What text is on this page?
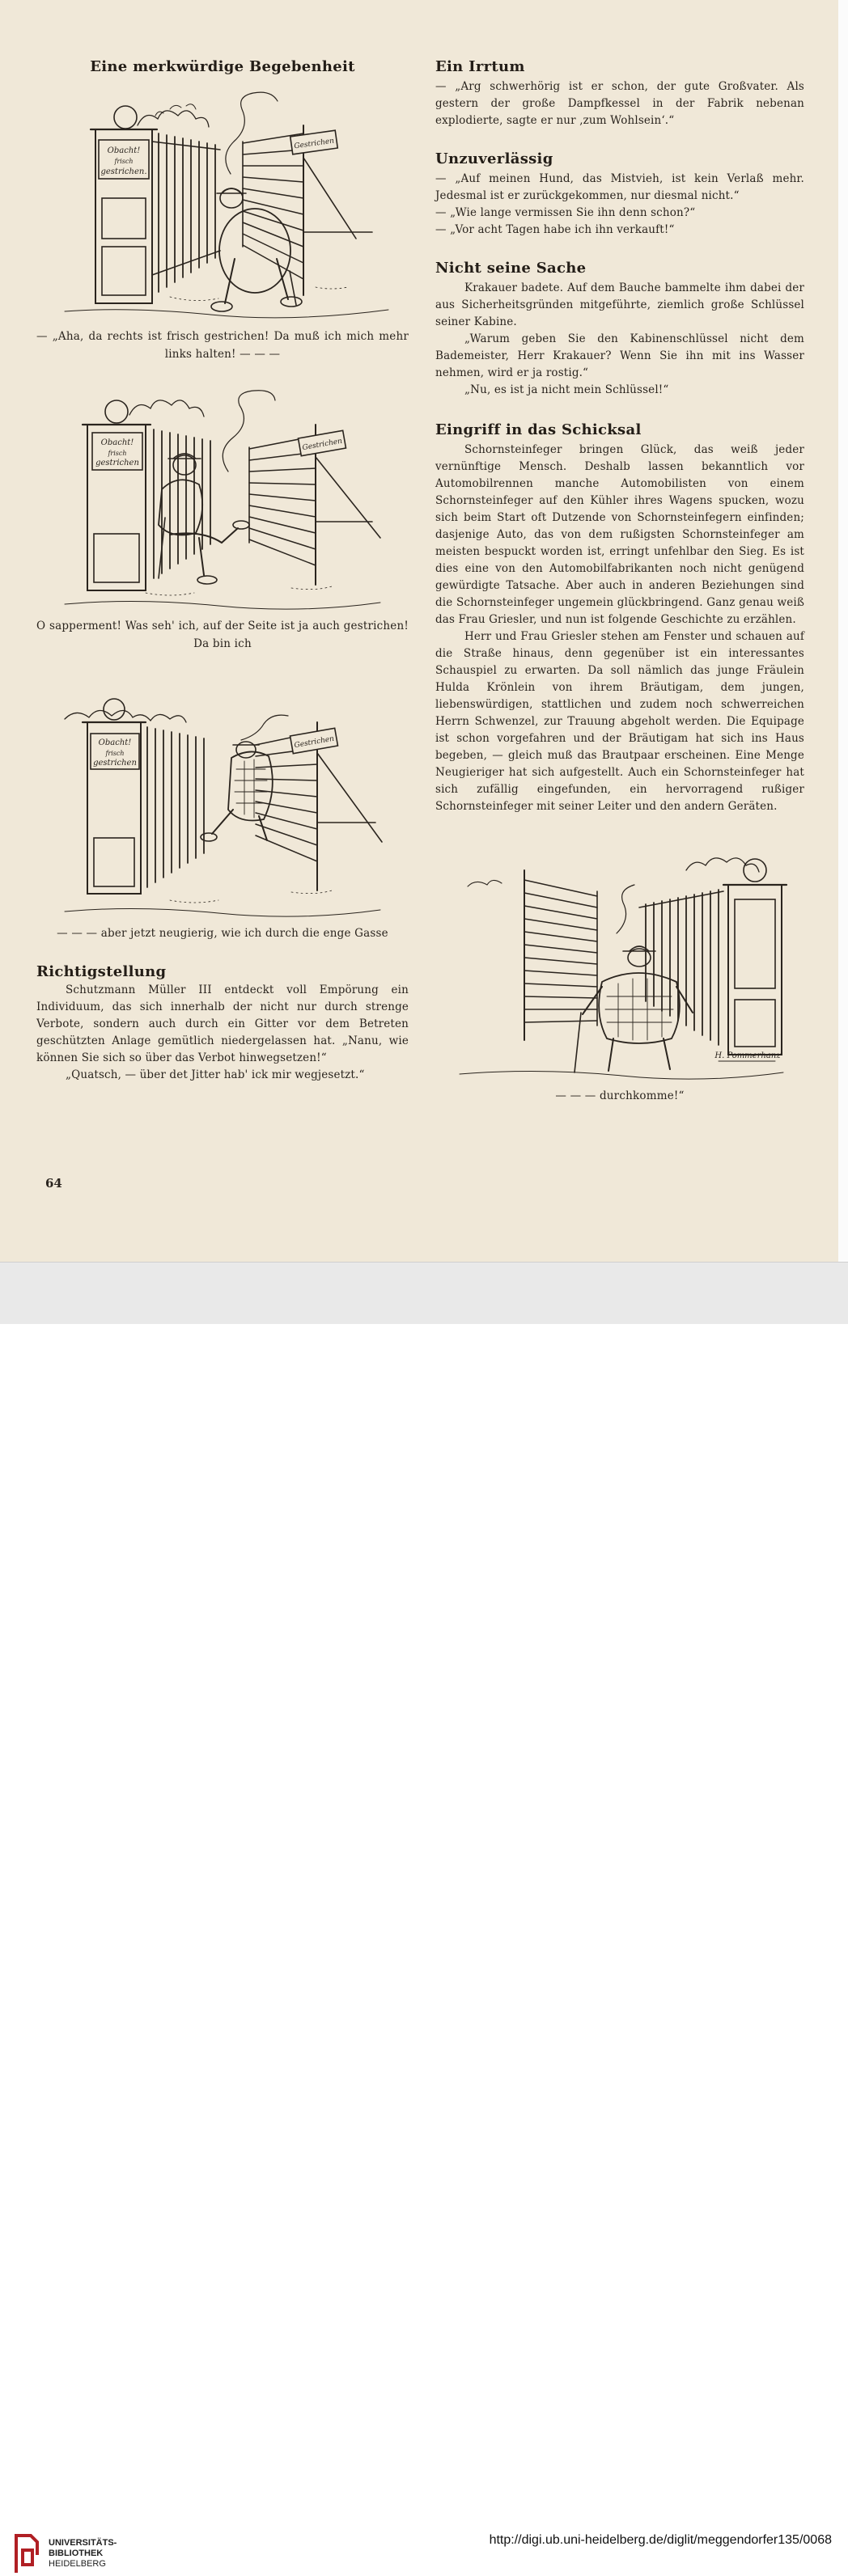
Eine merkwürdige Begebenheit
Obacht!
frisch
gestrichen.
Gestrichen

— „Aha, da rechts ist frisch gestrichen! Da muß ich mich mehr links halten! — — —

Obacht!
frisch
gestrichen
Gestrichen

O sapperment! Was seh' ich, auf der Seite ist ja auch gestrichen! Da bin ich

Obacht!
frisch
gestrichen
Gestrichen

— — — aber jetzt neugierig, wie ich durch die enge Gasse

Richtigstellung

Schutzmann Müller III entdeckt voll Empörung ein Individuum, das sich innerhalb der nicht nur durch strenge Verbote, sondern auch durch ein Gitter vor dem Betreten geschützten Anlage gemütlich niedergelassen hat. „Nanu, wie können Sie sich so über das Verbot hinwegsetzen!“

„Quatsch, — über det Jitter hab' ick mir wegjesetzt.“

64
Ein Irrtum

— „Arg schwerhörig ist er schon, der gute Großvater. Als gestern der große Dampfkessel in der Fabrik nebenan explodierte, sagte er nur ‚zum Wohlsein‘.“

Unzuverlässig

— „Auf meinen Hund, das Mistvieh, ist kein Verlaß mehr. Jedesmal ist er zurückgekommen, nur diesmal nicht.“

— „Wie lange vermissen Sie ihn denn schon?“

— „Vor acht Tagen habe ich ihn verkauft!“

Nicht seine Sache

Krakauer badete. Auf dem Bauche bammelte ihm dabei der aus Sicherheitsgründen mitgeführte, ziemlich große Schlüssel seiner Kabine.

„Warum geben Sie den Kabinenschlüssel nicht dem Bademeister, Herr Krakauer? Wenn Sie ihn mit ins Wasser nehmen, wird er ja rostig.“

„Nu, es ist ja nicht mein Schlüssel!“

Eingriff in das Schicksal

Schornsteinfeger bringen Glück, das weiß jeder vernünftige Mensch. Deshalb lassen bekanntlich vor Automobilrennen manche Automobilisten von einem Schornsteinfeger auf den Kühler ihres Wagens spucken, wozu sich beim Start oft Dutzende von Schornsteinfegern einfinden; dasjenige Auto, das von dem rußigsten Schornsteinfeger am meisten bespuckt worden ist, erringt unfehlbar den Sieg. Es ist dies eine von den Automobilfabrikanten noch nicht genügend gewürdigte Tatsache. Aber auch in anderen Beziehungen sind die Schornsteinfeger ungemein glückbringend. Ganz genau weiß das Frau Griesler, und nun ist folgende Geschichte zu erzählen.

Herr und Frau Griesler stehen am Fenster und schauen auf die Straße hinaus, denn gegenüber ist ein interessantes Schauspiel zu erwarten. Da soll nämlich das junge Fräulein Hulda Krönlein von ihrem Bräutigam, dem jungen, liebenswürdigen, stattlichen und zudem noch schwerreichen Herrn Schwenzel, zur Trauung abgeholt werden. Die Equipage ist schon vorgefahren und der Bräutigam hat sich ins Haus begeben, — gleich muß das Brautpaar erscheinen. Eine Menge Neugieriger hat sich aufgestellt. Auch ein Schornsteinfeger hat sich zufällig eingefunden, ein hervorragend rußiger Schornsteinfeger mit seiner Leiter und den andern Geräten.

H. Pommerhanz

— — — durchkomme!“

UNIVERSITÄTS-
BIBLIOTHEK
HEIDELBERG
http://digi.ub.uni-heidelberg.de/diglit/meggendorfer135/0068
